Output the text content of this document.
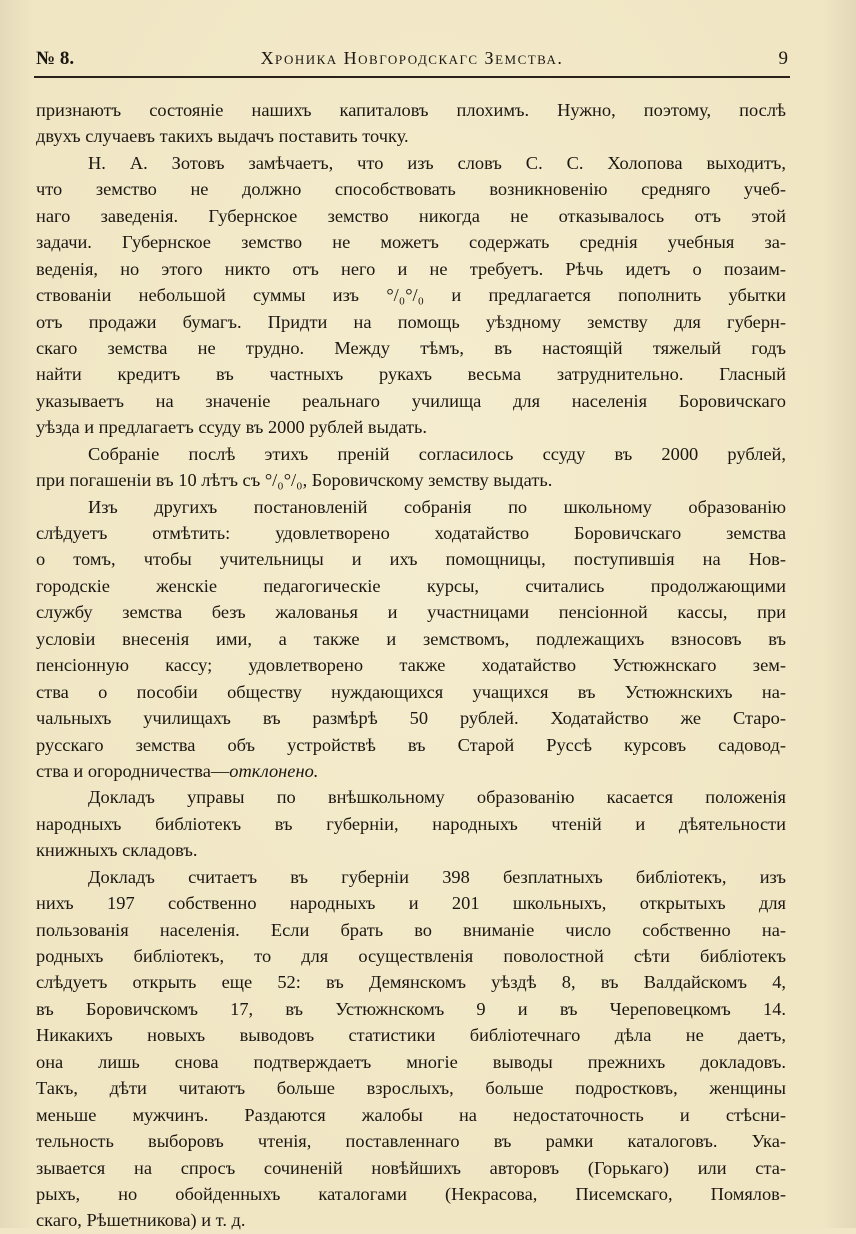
№ 8.	Хроника Новгородскагс Земства.	9
признаютъ состоянiе нашихъ капиталовъ плохимъ. Нужно, поэтому, послѣ
двухъ случаевъ такихъ выдачъ поставить точку.
Н. А. Зотовъ замѣчаетъ, что изъ словъ С. С. Холопова выходитъ,
что земство не должно способствовать возникновенiю средняго учеб-
наго заведенiя. Губернское земство никогда не отказывалось отъ этой
задачи. Губернское земство не можетъ содержать среднiя учебныя за-
веденiя, но этого никто отъ него и не требуетъ. Рѣчь идетъ о позаим-
ствованiи небольшой суммы изъ °/₀°/₀ и предлагается пополнить убытки
отъ продажи бумагъ. Придти на помощь уѣздному земству для губерн-
скаго земства не трудно. Между тѣмъ, въ настоящiй тяжелый годъ
найти кредитъ въ частныхъ рукахъ весьма затруднительно. Гласный
указываетъ на значенiе реальнаго училища для населенiя Боровичскаго
уѣзда и предлагаетъ ссуду въ 2000 рублей выдать.
Собранiе послѣ этихъ пренiй согласилось ссуду въ 2000 рублей,
при погашенiи въ 10 лѣтъ съ °/₀°/₀, Боровичскому земству выдать.
Изъ другихъ постановленiй собранiя по школьному образованiю
слѣдуетъ отмѣтить: удовлетворено ходатайство Боровичскаго земства
о томъ, чтобы учительницы и ихъ помощницы, поступившiя на Нов-
городскiе женскiе педагогическiе курсы, считались продолжающими
службу земства безъ жалованья и участницами пенсiонной кассы, при
условiи внесенiя ими, а также и земствомъ, подлежащихъ взносовъ въ
пенсiонную кассу; удовлетворено также ходатайство Устюжнскаго зем-
ства о пособiи обществу нуждающихся учащихся въ Устюжнскихъ на-
чальныхъ училищахъ въ размѣрѣ 50 рублей. Ходатайство же Старо-
русскаго земства объ устройствѣ въ Старой Руссѣ курсовъ садовод-
ства и огородничества—отклонено.
Докладъ управы по внѣшкольному образованiю касается положенiя
народныхъ библiотекъ въ губернiи, народныхъ чтенiй и дѣятельности
книжныхъ складовъ.
Докладъ считаетъ въ губернiи 398 безплатныхъ библiотекъ, изъ
нихъ 197 собственно народныхъ и 201 школьныхъ, открытыхъ для
пользованiя населенiя. Если брать во вниманiе число собственно на-
родныхъ библiотекъ, то для осуществленiя поволостной сѣти библiотекъ
слѣдуетъ открыть еще 52: въ Демянскомъ уѣздѣ 8, въ Валдайскомъ 4,
въ Боровичскомъ 17, въ Устюжнскомъ 9 и въ Череповецкомъ 14.
Никакихъ новыхъ выводовъ статистики библiотечнаго дѣла не даетъ,
она лишь снова подтверждаетъ многiе выводы прежнихъ докладовъ.
Такъ, дѣти читаютъ больше взрослыхъ, больше подростковъ, женщины
меньше мужчинъ. Раздаются жалобы на недостаточность и стѣсни-
тельность выборовъ чтенiя, поставленнаго въ рамки каталоговъ. Ука-
зывается на спросъ сочиненiй новѣйшихъ авторовъ (Горькаго) или ста-
рыхъ, но обойденныхъ каталогами (Некрасова, Писемскаго, Помялов-
скаго, Рѣшетникова) и т. д.
